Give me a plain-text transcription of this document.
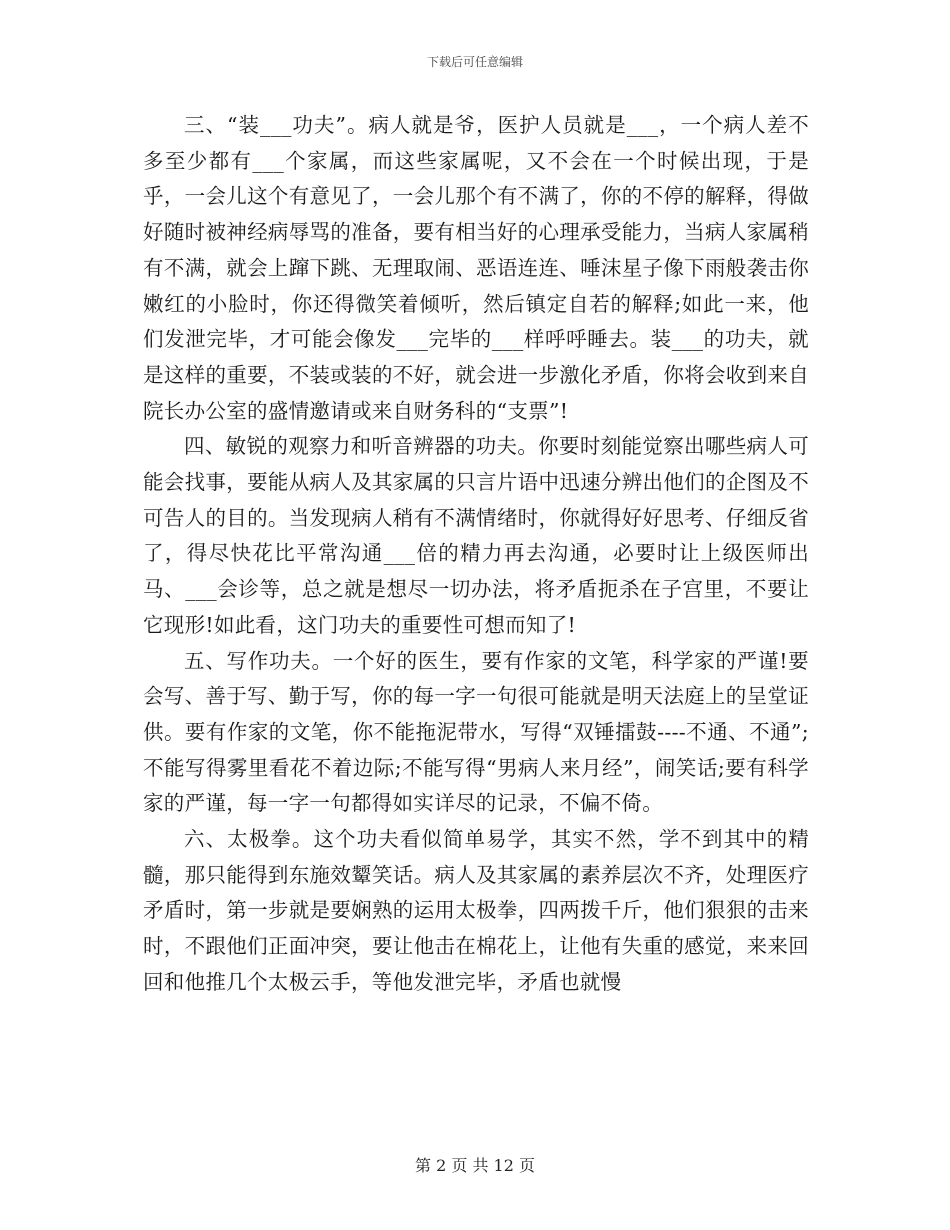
下载后可任意编辑

三、“装___功夫”。病人就是爷，医护人员就是___，一个病人差不多至少都有___个家属，而这些家属呢，又不会在一个时候出现，于是乎，一会儿这个有意见了，一会儿那个有不满了，你的不停的解释，得做好随时被神经病辱骂的准备，要有相当好的心理承受能力，当病人家属稍有不满，就会上蹿下跳、无理取闹、恶语连连、唾沫星子像下雨般袭击你嫩红的小脸时，你还得微笑着倾听，然后镇定自若的解释;如此一来，他们发泄完毕，才可能会像发___完毕的___样呼呼睡去。装___的功夫，就是这样的重要，不装或装的不好，就会进一步激化矛盾，你将会收到来自院长办公室的盛情邀请或来自财务科的“支票”!

四、敏锐的观察力和听音辨器的功夫。你要时刻能觉察出哪些病人可能会找事，要能从病人及其家属的只言片语中迅速分辨出他们的企图及不可告人的目的。当发现病人稍有不满情绪时，你就得好好思考、仔细反省了，得尽快花比平常沟通___倍的精力再去沟通，必要时让上级医师出马、___会诊等，总之就是想尽一切办法，将矛盾扼杀在子宫里，不要让它现形!如此看，这门功夫的重要性可想而知了!

五、写作功夫。一个好的医生，要有作家的文笔，科学家的严谨!要会写、善于写、勤于写，你的每一字一句很可能就是明天法庭上的呈堂证供。要有作家的文笔，你不能拖泥带水，写得“双锤擂鼓----不通、不通”;不能写得雾里看花不着边际;不能写得“男病人来月经”，闹笑话;要有科学家的严谨，每一字一句都得如实详尽的记录，不偏不倚。

六、太极拳。这个功夫看似简单易学，其实不然，学不到其中的精髓，那只能得到东施效颦笑话。病人及其家属的素养层次不齐，处理医疗矛盾时，第一步就是要娴熟的运用太极拳，四两拨千斤，他们狠狠的击来时，不跟他们正面冲突，要让他击在棉花上，让他有失重的感觉，来来回回和他推几个太极云手，等他发泄完毕，矛盾也就慢

第 2 页 共 12 页
